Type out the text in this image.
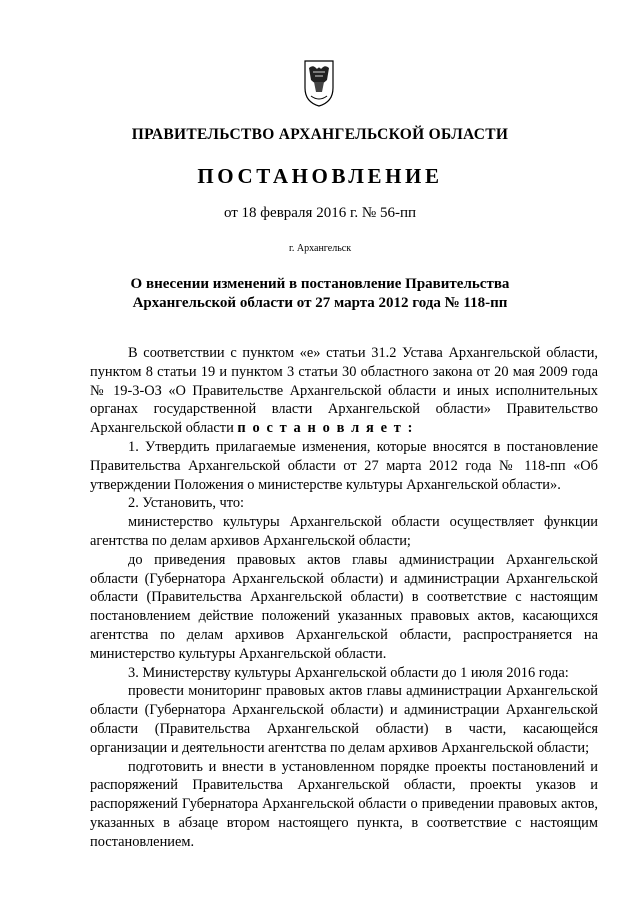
ПРАВИТЕЛЬСТВО АРХАНГЕЛЬСКОЙ ОБЛАСТИ
ПОСТАНОВЛЕНИЕ
от 18 февраля 2016 г. № 56-пп
г. Архангельск
О внесении изменений в постановление Правительства
Архангельской области от 27 марта 2012 года № 118-пп

В соответствии с пунктом «е» статьи 31.2 Устава Архангельской области, пунктом 8 статьи 19 и пунктом 3 статьи 30 областного закона от 20 мая 2009 года № 19-3-ОЗ «О Правительстве Архангельской области и иных исполнительных органах государственной власти Архангельской области» Правительство Архангельской области п о с т а н о в л я е т :

1. Утвердить прилагаемые изменения, которые вносятся в постановление Правительства Архангельской области от 27 марта 2012 года № 118-пп «Об утверждении Положения о министерстве культуры Архангельской области».

2. Установить, что:

министерство культуры Архангельской области осуществляет функции агентства по делам архивов Архангельской области;

до приведения правовых актов главы администрации Архангельской области (Губернатора Архангельской области) и администрации Архангельской области (Правительства Архангельской области) в соответствие с настоящим постановлением действие положений указанных правовых актов, касающихся агентства по делам архивов Архангельской области, распространяется на министерство культуры Архангельской области.

3. Министерству культуры Архангельской области до 1 июля 2016 года:

провести мониторинг правовых актов главы администрации Архангельской области (Губернатора Архангельской области) и администрации Архангельской области (Правительства Архангельской области) в части, касающейся организации и деятельности агентства по делам архивов Архангельской области;

подготовить и внести в установленном порядке проекты постановлений и распоряжений Правительства Архангельской области, проекты указов и распоряжений Губернатора Архангельской области о приведении правовых актов, указанных в абзаце втором настоящего пункта, в соответствие с настоящим постановлением.
